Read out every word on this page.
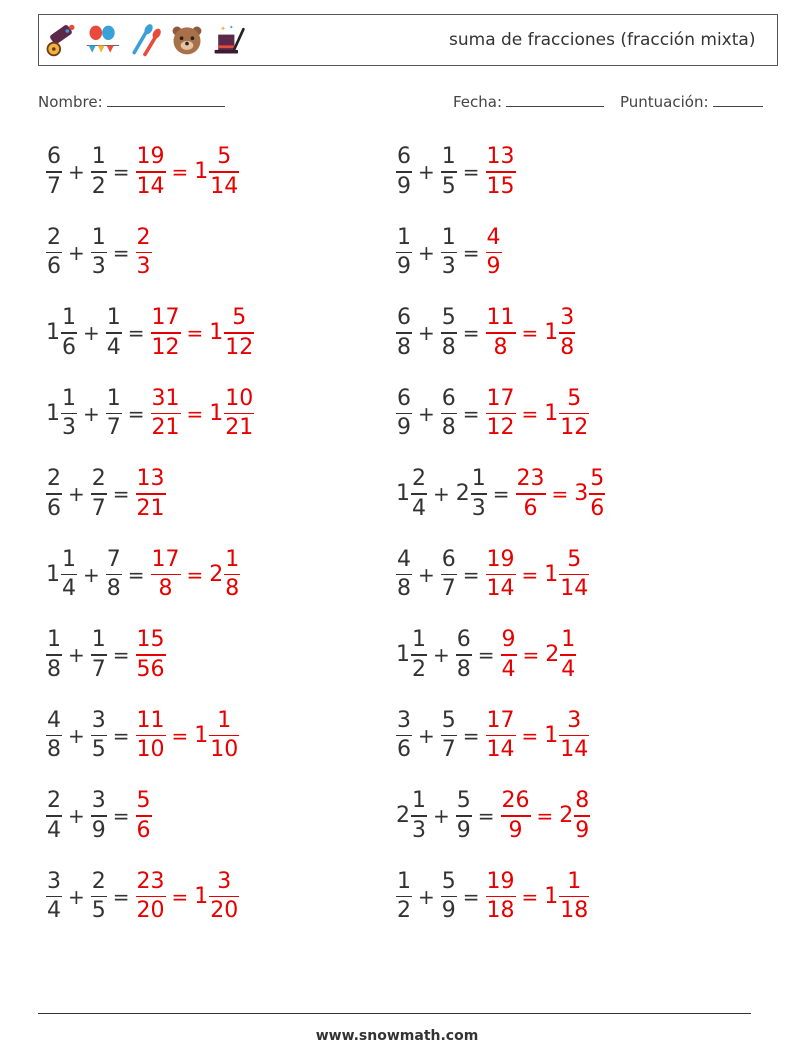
✦ ✦
suma de fracciones (fracción mixta)
Nombre:	Fecha:	Puntuación:
$\frac{6}{7} + \frac{1}{2} = \frac{19}{14} = 1 \frac{5}{14}$	$\frac{6}{9} + \frac{1}{5} = \frac{13}{15}$
$\frac{2}{6} + \frac{1}{3} = \frac{2}{3}$	$\frac{1}{9} + \frac{1}{3} = \frac{4}{9}$
$1 \frac{1}{6} + \frac{1}{4} = \frac{17}{12} = 1 \frac{5}{12}$	$\frac{6}{8} + \frac{5}{8} = \frac{11}{8} = 1 \frac{3}{8}$
$1 \frac{1}{3} + \frac{1}{7} = \frac{31}{21} = 1 \frac{10}{21}$	$\frac{6}{9} + \frac{6}{8} = \frac{17}{12} = 1 \frac{5}{12}$
$\frac{2}{6} + \frac{2}{7} = \frac{13}{21}$	$1 \frac{2}{4} + 2 \frac{1}{3} = \frac{23}{6} = 3 \frac{5}{6}$
$1 \frac{1}{4} + \frac{7}{8} = \frac{17}{8} = 2 \frac{1}{8}$	$\frac{4}{8} + \frac{6}{7} = \frac{19}{14} = 1 \frac{5}{14}$
$\frac{1}{8} + \frac{1}{7} = \frac{15}{56}$	$1 \frac{1}{2} + \frac{6}{8} = \frac{9}{4} = 2 \frac{1}{4}$
$\frac{4}{8} + \frac{3}{5} = \frac{11}{10} = 1 \frac{1}{10}$	$\frac{3}{6} + \frac{5}{7} = \frac{17}{14} = 1 \frac{3}{14}$
$\frac{2}{4} + \frac{3}{9} = \frac{5}{6}$	$2 \frac{1}{3} + \frac{5}{9} = \frac{26}{9} = 2 \frac{8}{9}$
$\frac{3}{4} + \frac{2}{5} = \frac{23}{20} = 1 \frac{3}{20}$	$\frac{1}{2} + \frac{5}{9} = \frac{19}{18} = 1 \frac{1}{18}$
www.snowmath.com
